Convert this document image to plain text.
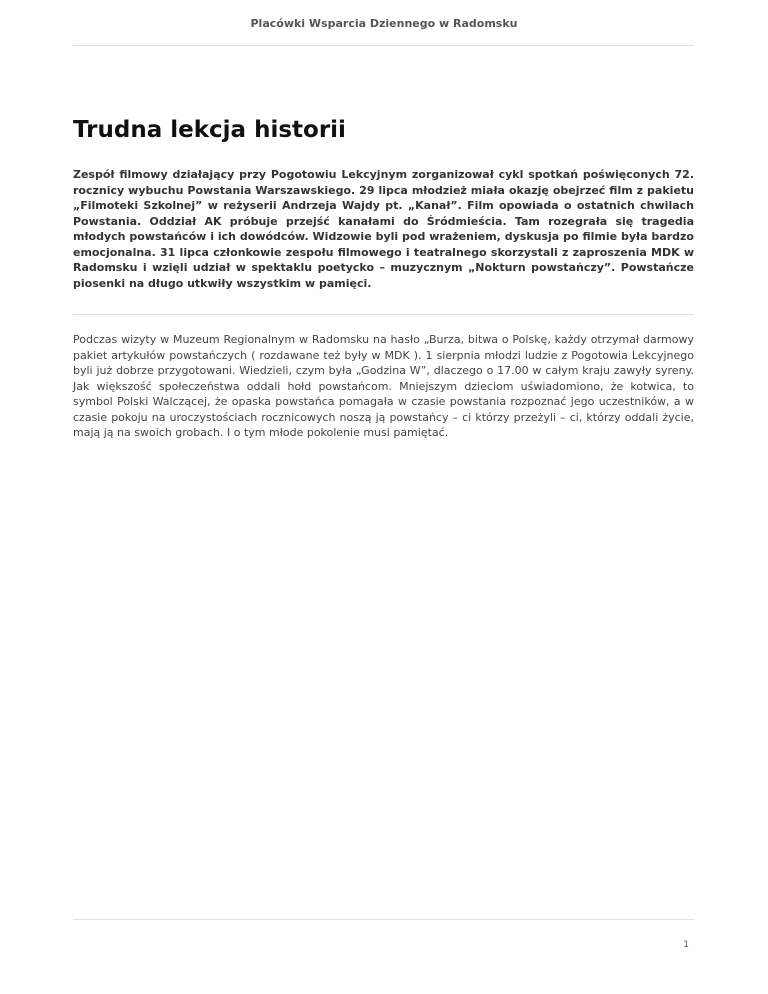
Placówki Wsparcia Dziennego w Radomsku
Trudna lekcja historii

Zespół filmowy działający przy Pogotowiu Lekcyjnym zorganizował cykl spotkań poświęconych 72. rocznicy wybuchu Powstania Warszawskiego. 29 lipca młodzież miała okazję obejrzeć film z pakietu „Filmoteki Szkolnej” w reżyserii Andrzeja Wajdy pt. „Kanał”. Film opowiada o ostatnich chwilach Powstania. Oddział AK próbuje przejść kanałami do Śródmieścia. Tam rozegrała się tragedia młodych powstańców i ich dowódców. Widzowie byli pod wrażeniem, dyskusja po filmie była bardzo emocjonalna. 31 lipca członkowie zespołu filmowego i teatralnego skorzystali z zaproszenia MDK w Radomsku i wzięli udział w spektaklu poetycko – muzycznym „Nokturn powstańczy”. Powstańcze piosenki na długo utkwiły wszystkim w pamięci.

Podczas wizyty w Muzeum Regionalnym w Radomsku na hasło „Burza, bitwa o Polskę, każdy otrzymał darmowy pakiet artykułów powstańczych ( rozdawane też były w MDK ). 1 sierpnia młodzi ludzie z Pogotowia Lekcyjnego byli już dobrze przygotowani. Wiedzieli, czym była „Godzina W”, dlaczego o 17.00 w całym kraju zawyły syreny. Jak większość społeczeństwa oddali hołd powstańcom. Mniejszym dzieciom uświadomiono, że kotwica, to symbol Polski Walczącej, że opaska powstańca pomagała w czasie powstania rozpoznać jego uczestników, a w czasie pokoju na uroczystościach rocznicowych noszą ją powstańcy – ci którzy przeżyli – ci, którzy oddali życie, mają ją na swoich grobach. I o tym młode pokolenie musi pamiętać.

1
